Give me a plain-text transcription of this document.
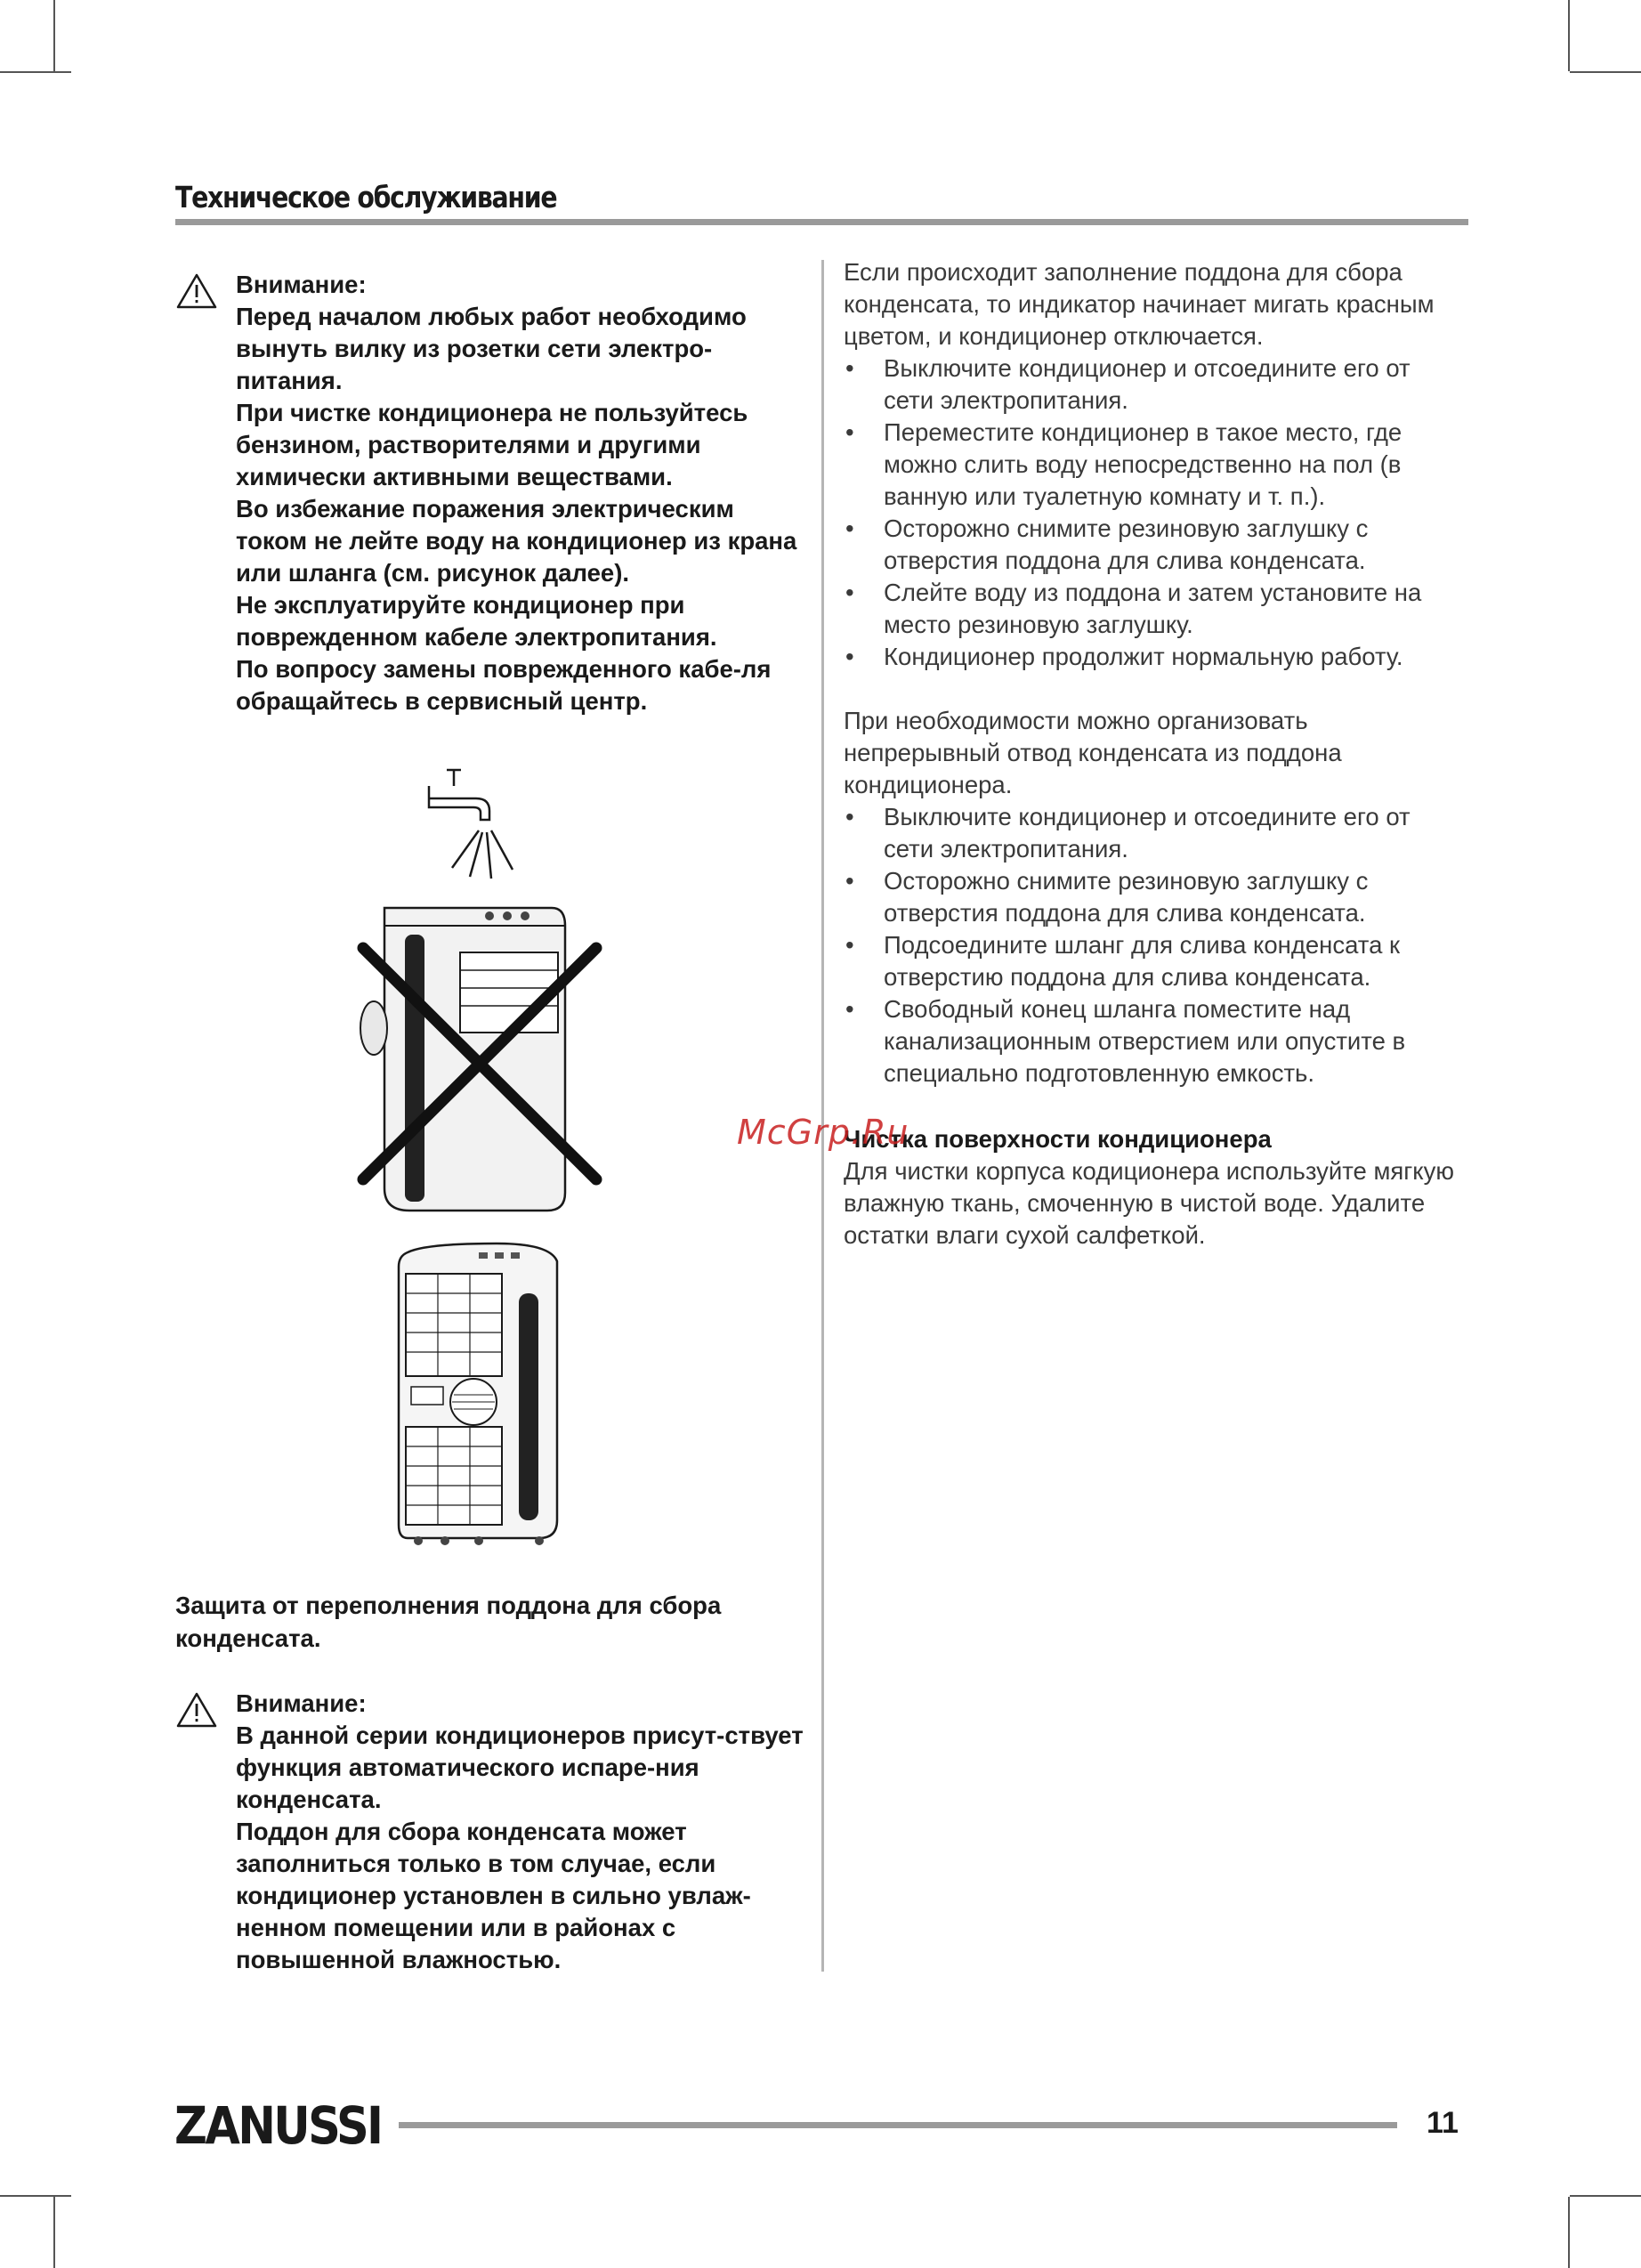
Техническое обслуживание

Внимание:

Перед началом любых работ необходимо вынуть вилку из розетки сети электро-питания.

При чистке кондиционера не пользуйтесь бензином, растворителями и другими химически активными веществами.

Во избежание поражения электрическим током не лейте воду на кондиционер из крана или шланга (см. рисунок далее).

Не эксплуатируйте кондиционер при поврежденном кабеле электропитания.

По вопросу замены поврежденного кабе-ля обращайтесь в сервисный центр.

Защита от переполнения поддона для сбора конденсата.

Внимание:

В данной серии кондиционеров присут-ствует функция автоматического испаре-ния конденсата.

Поддон для сбора конденсата может заполниться только в том случае, если кондиционер установлен в сильно увлаж-ненном помещении или в районах с повышенной влажностью.

Если происходит заполнение поддона для сбора конденсата, то индикатор начинает мигать красным цветом, и кондиционер отключается.

• Выключите кондиционер и отсоедините его от сети электропитания.
• Переместите кондиционер в такое место, где можно слить воду непосредственно на пол (в ванную или туалетную комнату и т. п.).
• Осторожно снимите резиновую заглушку с отверстия поддона для слива конденсата.
• Слейте воду из поддона и затем установите на место резиновую заглушку.
• Кондиционер продолжит нормальную работу.

При необходимости можно организовать непрерывный отвод конденсата из поддона кондиционера.

• Выключите кондиционер и отсоедините его от сети электропитания.
• Осторожно снимите резиновую заглушку с отверстия поддона для слива конденсата.
• Подсоедините шланг для слива конденсата к отверстию поддона для слива конденсата.
• Свободный конец шланга поместите над канализационным отверстием или опустите в специально подготовленную емкость.

Чистка поверхности кондиционера

Для чистки корпуса кодиционера используйте мягкую влажную ткань, смоченную в чистой воде. Удалите остатки влаги сухой салфеткой.

McGrp.Ru
ZANUSSI	11
